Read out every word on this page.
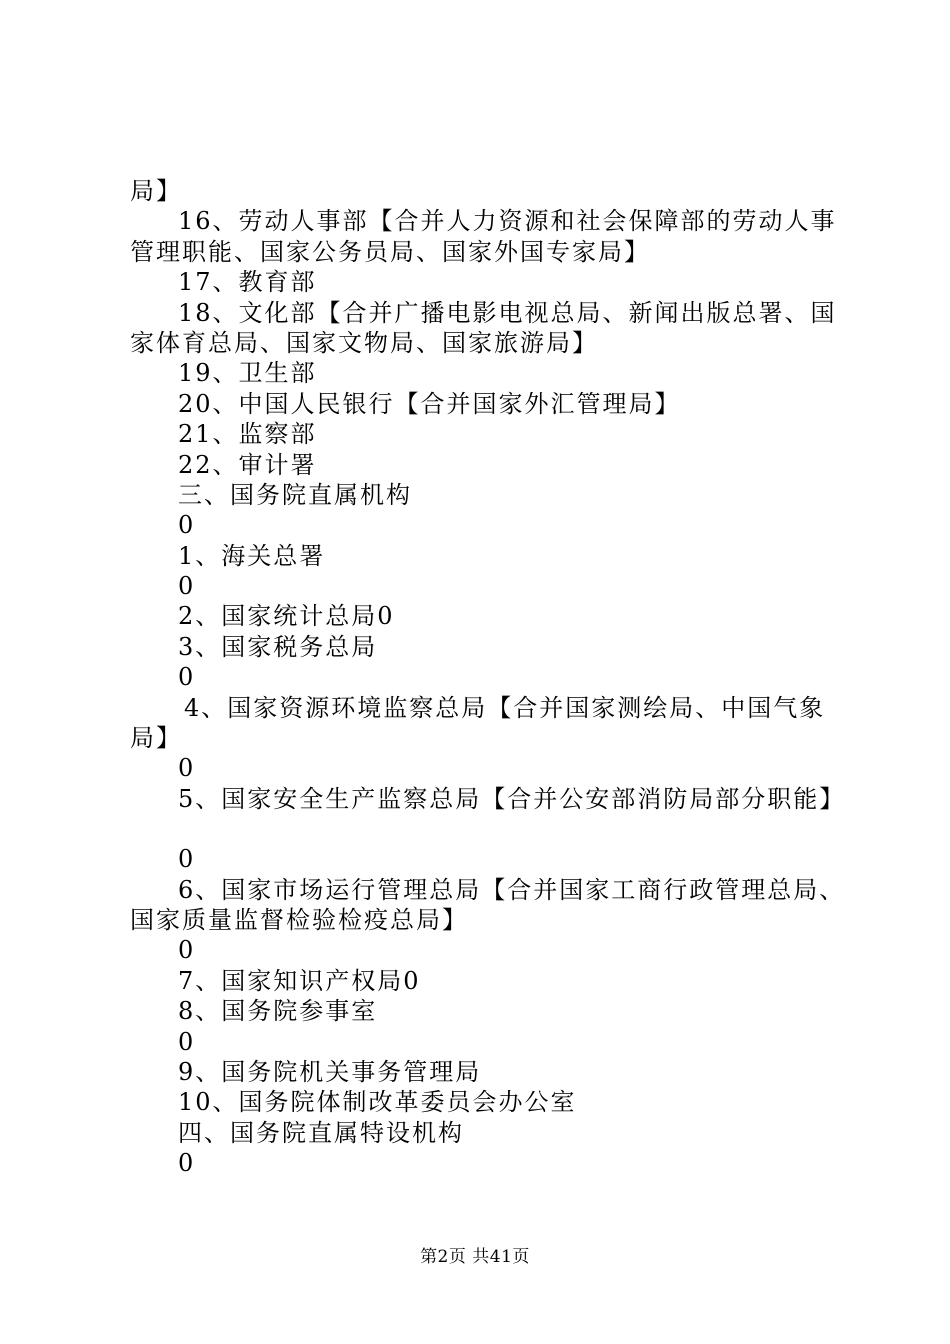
局】

16、劳动人事部【合并人力资源和社会保障部的劳动人事

管理职能、国家公务员局、国家外国专家局】

17、教育部

18、文化部【合并广播电影电视总局、新闻出版总署、国

家体育总局、国家文物局、国家旅游局】

19、卫生部

20、中国人民银行【合并国家外汇管理局】

21、监察部

22、审计署

三、国务院直属机构

0

1、海关总署

0

2、国家统计总局0

3、国家税务总局

0

4、国家资源环境监察总局【合并国家测绘局、中国气象

局】

0

5、国家安全生产监察总局【合并公安部消防局部分职能】

0

6、国家市场运行管理总局【合并国家工商行政管理总局、

国家质量监督检验检疫总局】

0

7、国家知识产权局0

8、国务院参事室

0

9、国务院机关事务管理局

10、国务院体制改革委员会办公室

四、国务院直属特设机构

0

第2页 共41页
